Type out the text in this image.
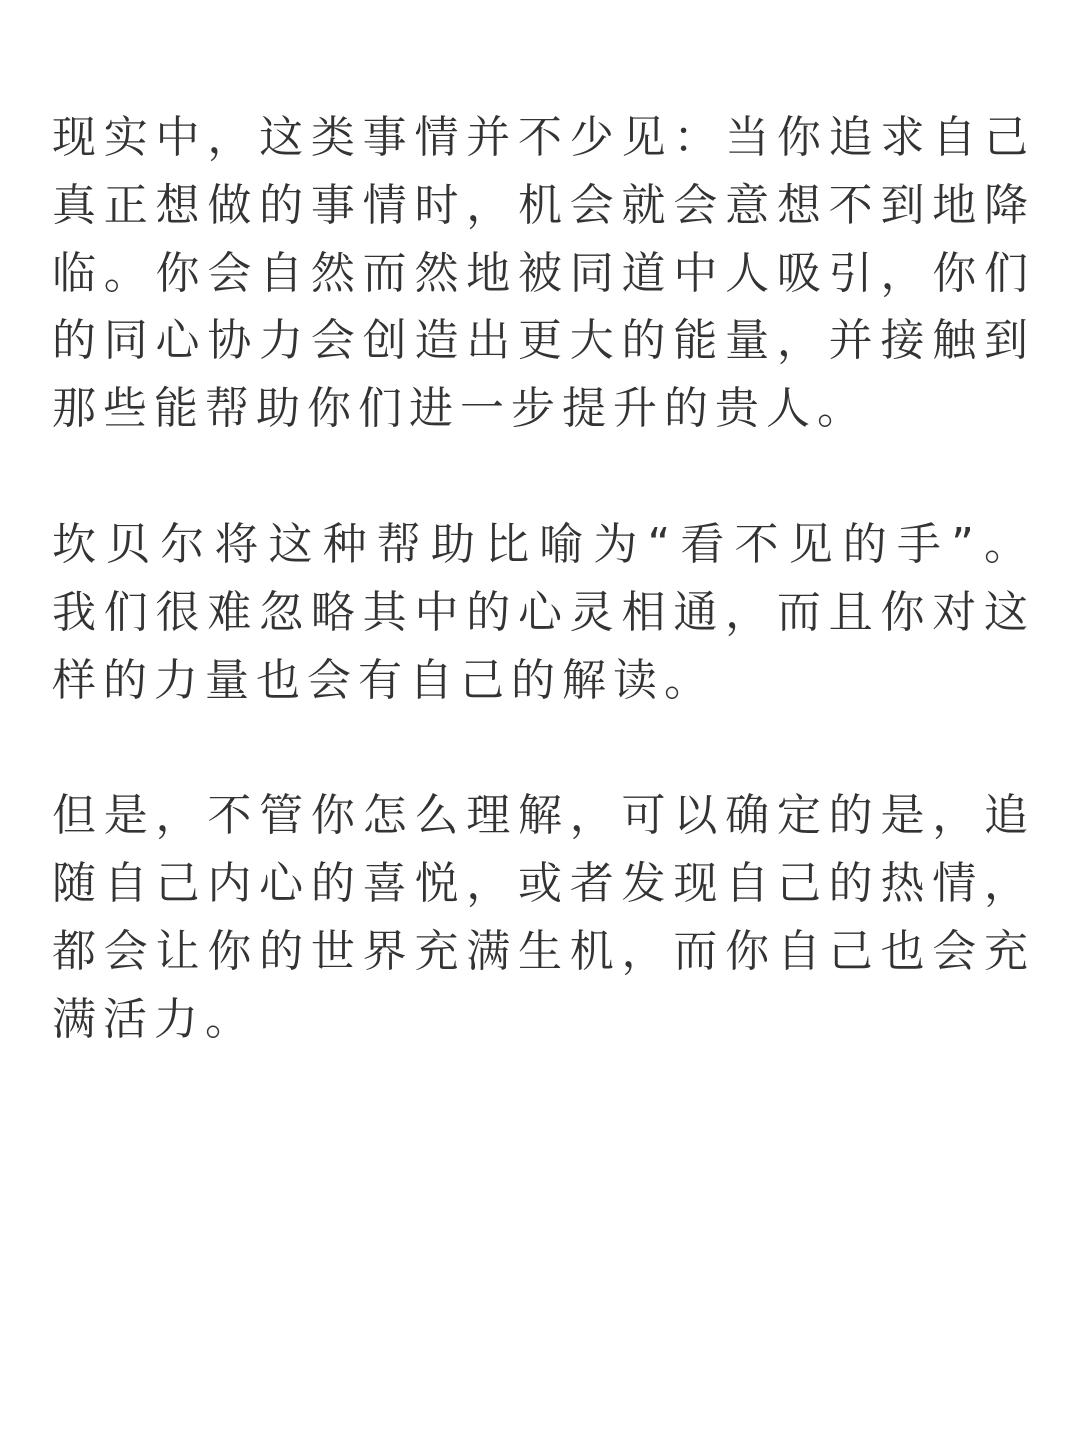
现实中，这类事情并不少见：当你追求自己
真正想做的事情时，机会就会意想不到地降
临。你会自然而然地被同道中人吸引，你们
的同心协力会创造出更大的能量，并接触到
那些能帮助你们进一步提升的贵人。
坎贝尔将这种帮助比喻为“看不见的手”。
我们很难忽略其中的心灵相通，而且你对这
样的力量也会有自己的解读。
但是，不管你怎么理解，可以确定的是，追
随自己内心的喜悦，或者发现自己的热情，
都会让你的世界充满生机，而你自己也会充
满活力。
